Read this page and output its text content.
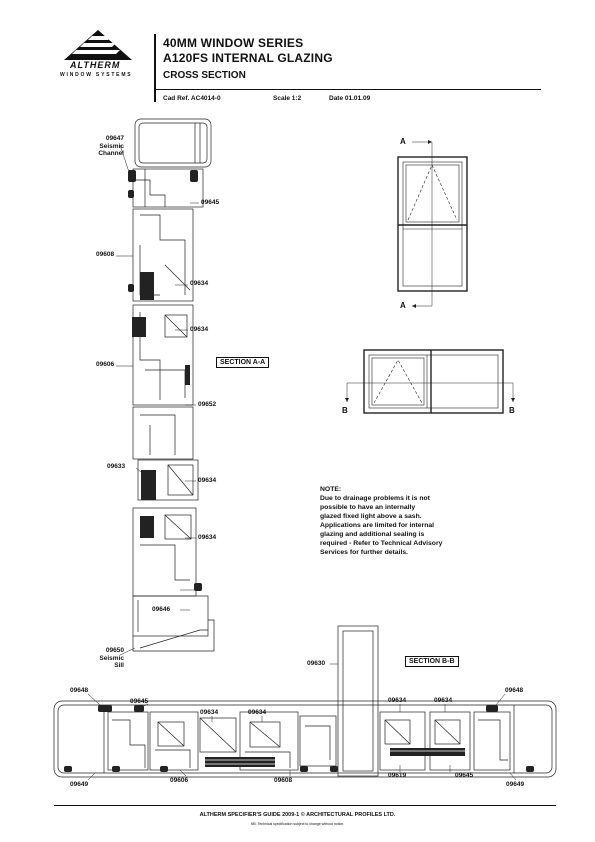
ALTHERM
WINDOW SYSTEMS
40MM WINDOW SERIES
A120FS INTERNAL GLAZING
CROSS SECTION
Cad Ref. AC4014-0	Scale 1:2	Date 01.01.09
09647
Seismic
Channel
09645
09608
09634
09634
09606
09652
09633
09634
09634
09646
09650
Seismic
Sill
SECTION A-A
A
A
B	B
NOTE:
Due to drainage problems it is not
possible to have an internally
glazed fixed light above a sash.
Applications are limited for internal
glazing and additional sealing is
required - Refer to Technical Advisory
Services for further details.
09630	SECTION B-B
09648
09645
09634	09634
09634	09634
09648
09649
09606	09608
09619	09645
09649
ALTHERM SPECIFIER'S GUIDE 2009-1 © ARCHITECTURAL PROFILES LTD.
NB. Technical specification subject to change without notice.
